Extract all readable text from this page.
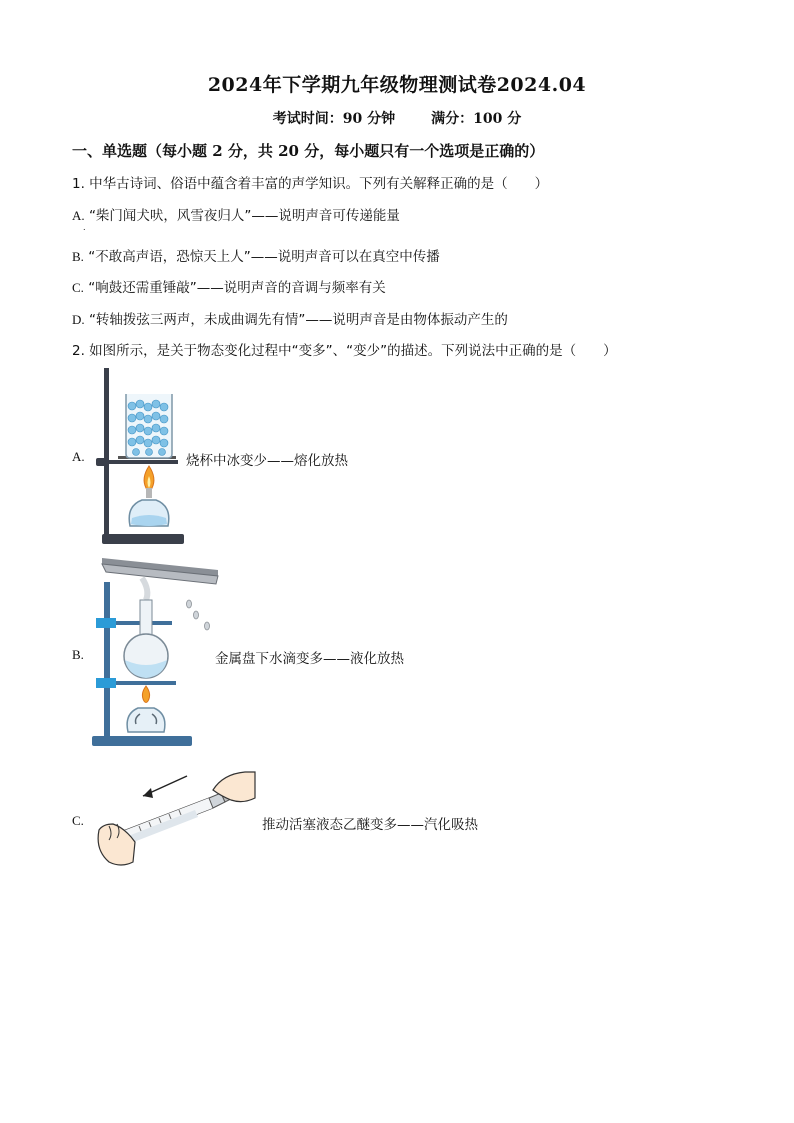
2024年下学期九年级物理测试卷2024.04
考试时间：90 分钟	满分：100 分
一、单选题（每小题 2 分，共 20 分，每小题只有一个选项是正确的）
1. 中华古诗词、俗语中蕴含着丰富的声学知识。下列有关解释正确的是（　　）
A. “柴门闻犬吠，风雪夜归人”——说明声音可传递能量
.
B. “不敢高声语，恐惊天上人”——说明声音可以在真空中传播
C. “响鼓还需重锤敲”——说明声音的音调与频率有关
D. “转轴拨弦三两声，未成曲调先有情”——说明声音是由物体振动产生的
2. 如图所示，是关于物态变化过程中“变多”、“变少”的描述。下列说法中正确的是（　　）
A.	烧杯中冰变少——熔化放热
B.	金属盘下水滴变多——液化放热
C.	推动活塞液态乙醚变多——汽化吸热
